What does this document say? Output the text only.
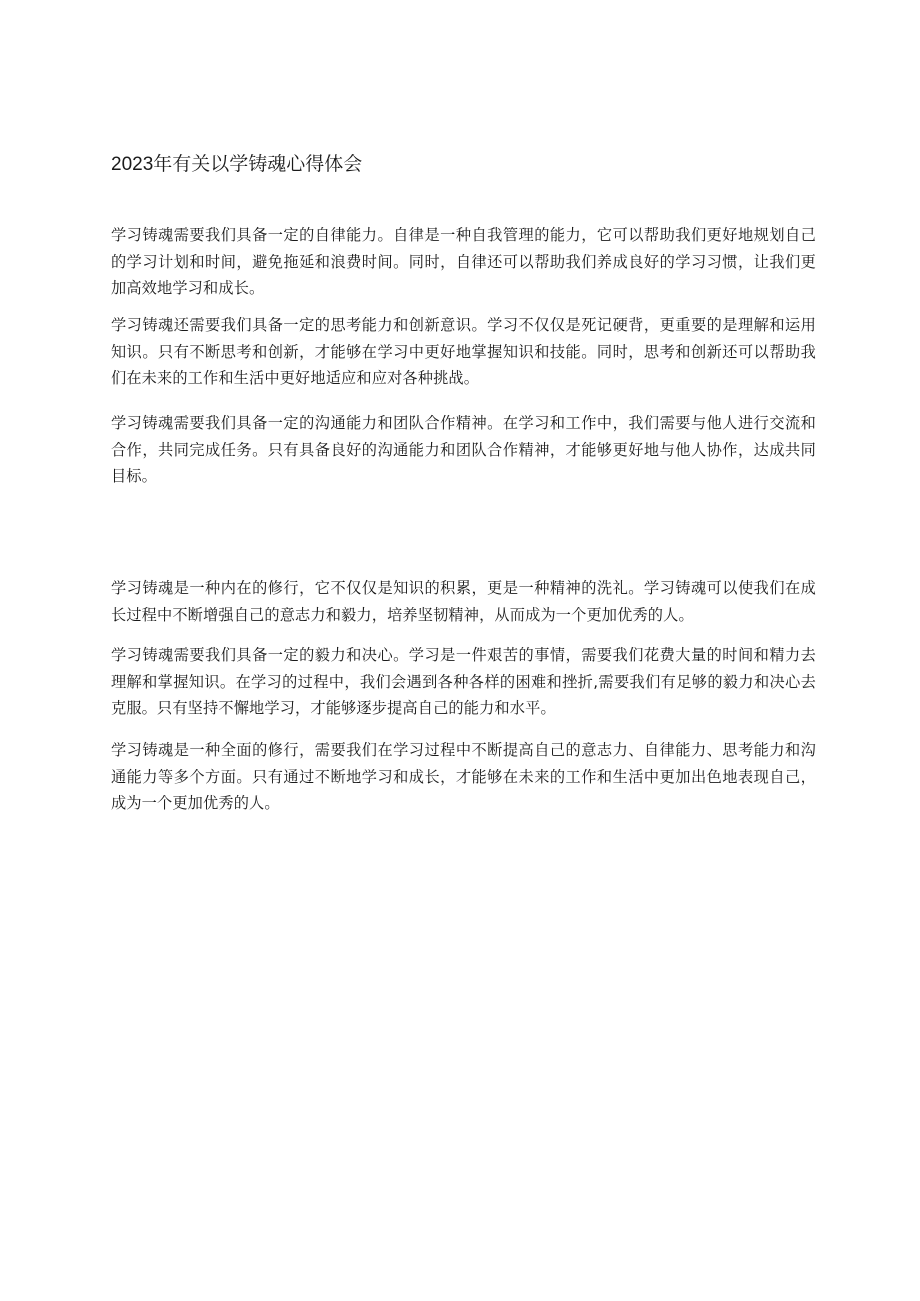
2023年有关以学铸魂心得体会

学习铸魂需要我们具备一定的自律能力。自律是一种自我管理的能力，它可以帮助我们更好地规划自己的学习计划和时间，避免拖延和浪费时间。同时，自律还可以帮助我们养成良好的学习习惯，让我们更加高效地学习和成长。

学习铸魂还需要我们具备一定的思考能力和创新意识。学习不仅仅是死记硬背，更重要的是理解和运用知识。只有不断思考和创新，才能够在学习中更好地掌握知识和技能。同时，思考和创新还可以帮助我们在未来的工作和生活中更好地适应和应对各种挑战。

学习铸魂需要我们具备一定的沟通能力和团队合作精神。在学习和工作中，我们需要与他人进行交流和合作，共同完成任务。只有具备良好的沟通能力和团队合作精神，才能够更好地与他人协作，达成共同目标。

学习铸魂是一种内在的修行，它不仅仅是知识的积累，更是一种精神的洗礼。学习铸魂可以使我们在成长过程中不断增强自己的意志力和毅力，培养坚韧精神，从而成为一个更加优秀的人。

学习铸魂需要我们具备一定的毅力和决心。学习是一件艰苦的事情，需要我们花费大量的时间和精力去理解和掌握知识。在学习的过程中，我们会遇到各种各样的困难和挫折,需要我们有足够的毅力和决心去克服。只有坚持不懈地学习，才能够逐步提高自己的能力和水平。

学习铸魂是一种全面的修行，需要我们在学习过程中不断提高自己的意志力、自律能力、思考能力和沟通能力等多个方面。只有通过不断地学习和成长，才能够在未来的工作和生活中更加出色地表现自己，成为一个更加优秀的人。
